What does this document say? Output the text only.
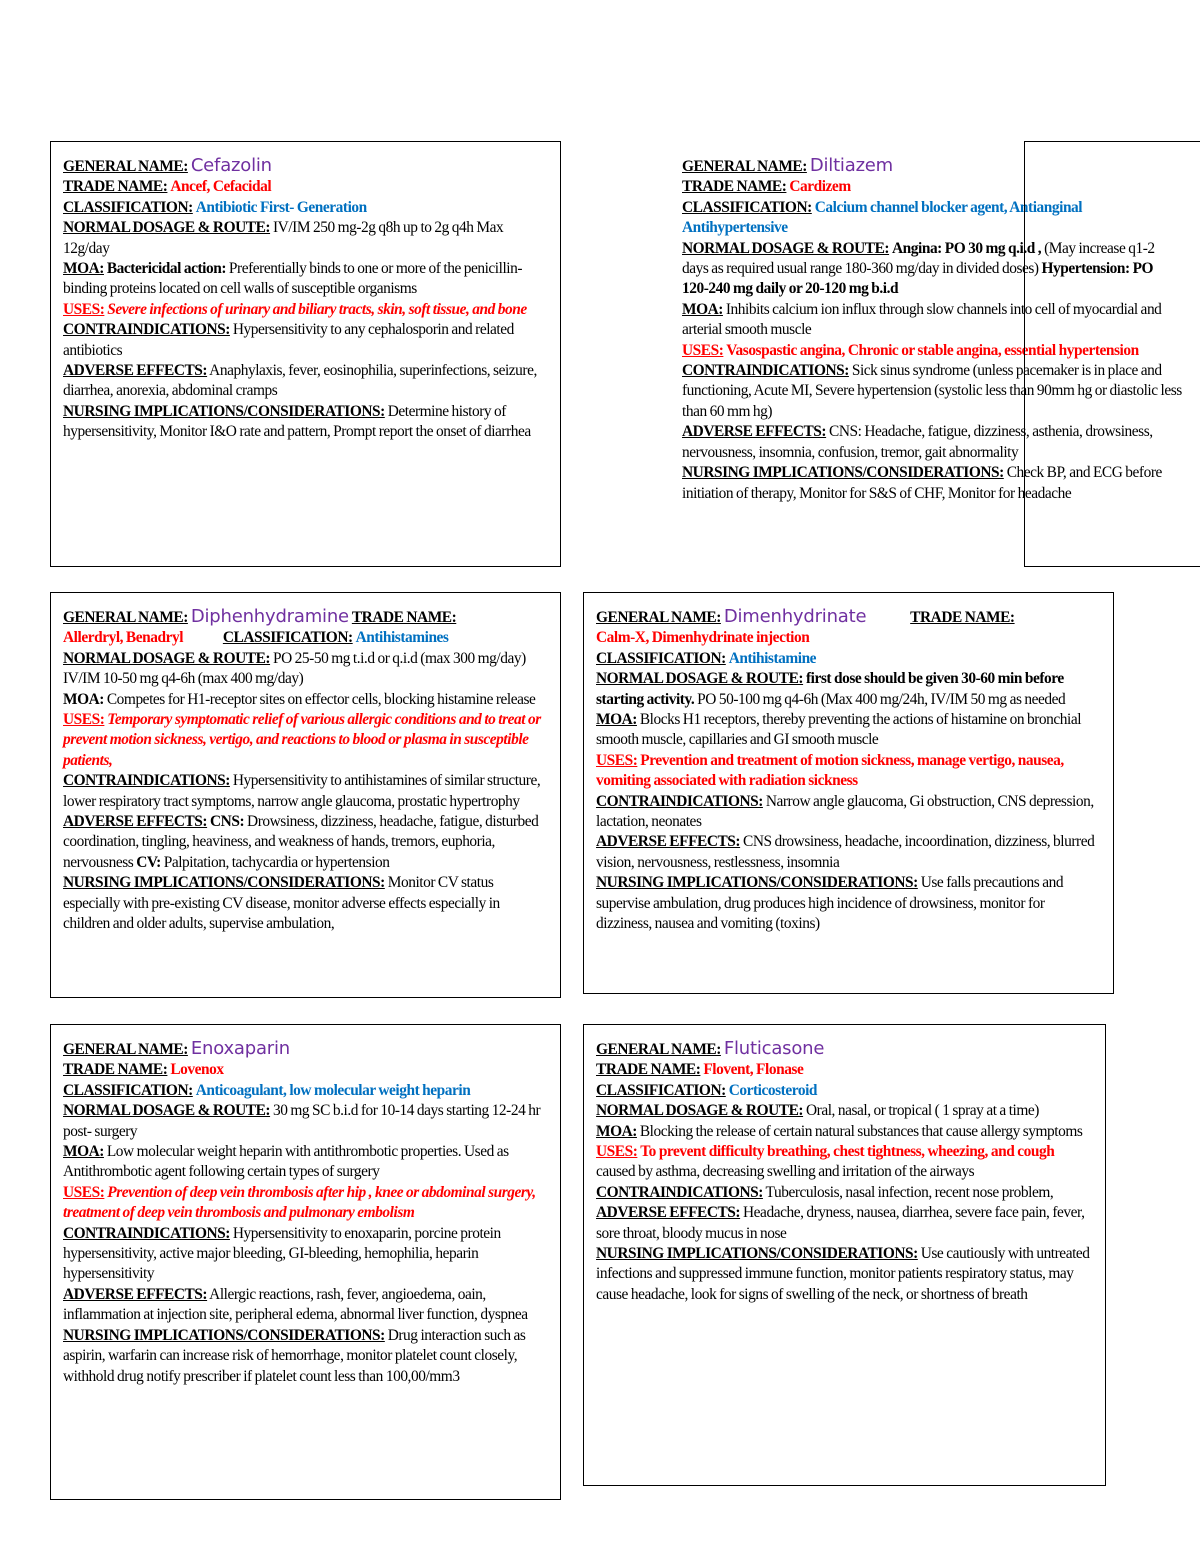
GENERAL NAME: Cefazolin
TRADE NAME: Ancef, Cefacidal
CLASSIFICATION: Antibiotic First- Generation
NORMAL DOSAGE & ROUTE: IV/IM 250 mg-2g q8h up to 2g q4h Max 12g/day
MOA: Bactericidal action: Preferentially binds to one or more of the penicillin-binding proteins located on cell walls of susceptible organisms
USES: Severe infections of urinary and biliary tracts, skin, soft tissue, and bone
CONTRAINDICATIONS: Hypersensitivity to any cephalosporin and related antibiotics
ADVERSE EFFECTS: Anaphylaxis, fever, eosinophilia, superinfections, seizure, diarrhea, anorexia, abdominal cramps
NURSING IMPLICATIONS/CONSIDERATIONS: Determine history of hypersensitivity, Monitor I&O rate and pattern, Prompt report the onset of diarrhea

GENERAL NAME: Diltiazem
TRADE NAME: Cardizem
CLASSIFICATION: Calcium channel blocker agent, Antianginal Antihypertensive
NORMAL DOSAGE & ROUTE: Angina: PO 30 mg q.i.d , (May increase q1-2 days as required usual range 180-360 mg/day in divided doses) Hypertension: PO 120-240 mg daily or 20-120 mg b.i.d
MOA: Inhibits calcium ion influx through slow channels into cell of myocardial and arterial smooth muscle
USES: Vasospastic angina, Chronic or stable angina, essential hypertension
CONTRAINDICATIONS: Sick sinus syndrome (unless pacemaker is in place and functioning, Acute MI, Severe hypertension (systolic less than 90mm hg or diastolic less than 60 mm hg)
ADVERSE EFFECTS: CNS: Headache, fatigue, dizziness, asthenia, drowsiness, nervousness, insomnia, confusion, tremor, gait abnormality
NURSING IMPLICATIONS/CONSIDERATIONS: Check BP, and ECG before initiation of therapy, Monitor for S&S of CHF, Monitor for headache

GENERAL NAME: Diphenhydramine TRADE NAME:
Allerdryl, Benadryl	CLASSIFICATION: Antihistamines
NORMAL DOSAGE & ROUTE: PO 25-50 mg t.i.d or q.i.d (max 300 mg/day) IV/IM 10-50 mg q4-6h (max 400 mg/day)
MOA: Competes for H1-receptor sites on effector cells, blocking histamine release
USES: Temporary symptomatic relief of various allergic conditions and to treat or prevent motion sickness, vertigo, and reactions to blood or plasma in susceptible patients,
CONTRAINDICATIONS: Hypersensitivity to antihistamines of similar structure, lower respiratory tract symptoms, narrow angle glaucoma, prostatic hypertrophy
ADVERSE EFFECTS: CNS: Drowsiness, dizziness, headache, fatigue, disturbed coordination, tingling, heaviness, and weakness of hands, tremors, euphoria, nervousness CV: Palpitation, tachycardia or hypertension
NURSING IMPLICATIONS/CONSIDERATIONS: Monitor CV status especially with pre-existing CV disease, monitor adverse effects especially in children and older adults, supervise ambulation,

GENERAL NAME: Dimenhydrinate	TRADE NAME:
Calm-X, Dimenhydrinate injection
CLASSIFICATION: Antihistamine
NORMAL DOSAGE & ROUTE: first dose should be given 30-60 min before starting activity. PO 50-100 mg q4-6h (Max 400 mg/24h, IV/IM 50 mg as needed
MOA: Blocks H1 receptors, thereby preventing the actions of histamine on bronchial smooth muscle, capillaries and GI smooth muscle
USES: Prevention and treatment of motion sickness, manage vertigo, nausea, vomiting associated with radiation sickness
CONTRAINDICATIONS: Narrow angle glaucoma, Gi obstruction, CNS depression, lactation, neonates
ADVERSE EFFECTS: CNS drowsiness, headache, incoordination, dizziness, blurred vision, nervousness, restlessness, insomnia
NURSING IMPLICATIONS/CONSIDERATIONS: Use falls precautions and supervise ambulation, drug produces high incidence of drowsiness, monitor for dizziness, nausea and vomiting (toxins)

GENERAL NAME: Enoxaparin
TRADE NAME: Lovenox
CLASSIFICATION: Anticoagulant, low molecular weight heparin
NORMAL DOSAGE & ROUTE: 30 mg SC b.i.d for 10-14 days starting 12-24 hr post- surgery
MOA: Low molecular weight heparin with antithrombotic properties. Used as Antithrombotic agent following certain types of surgery
USES: Prevention of deep vein thrombosis after hip , knee or abdominal surgery, treatment of deep vein thrombosis and pulmonary embolism
CONTRAINDICATIONS: Hypersensitivity to enoxaparin, porcine protein hypersensitivity, active major bleeding, GI-bleeding, hemophilia, heparin hypersensitivity
ADVERSE EFFECTS: Allergic reactions, rash, fever, angioedema, oain, inflammation at injection site, peripheral edema, abnormal liver function, dyspnea
NURSING IMPLICATIONS/CONSIDERATIONS: Drug interaction such as aspirin, warfarin can increase risk of hemorrhage, monitor platelet count closely, withhold drug notify prescriber if platelet count less than 100,00/mm3

GENERAL NAME: Fluticasone
TRADE NAME: Flovent, Flonase
CLASSIFICATION: Corticosteroid
NORMAL DOSAGE & ROUTE: Oral, nasal, or tropical ( 1 spray at a time)
MOA: Blocking the release of certain natural substances that cause allergy symptoms
USES: To prevent difficulty breathing, chest tightness, wheezing, and cough caused by asthma, decreasing swelling and irritation of the airways
CONTRAINDICATIONS: Tuberculosis, nasal infection, recent nose problem,
ADVERSE EFFECTS: Headache, dryness, nausea, diarrhea, severe face pain, fever, sore throat, bloody mucus in nose
NURSING IMPLICATIONS/CONSIDERATIONS: Use cautiously with untreated infections and suppressed immune function, monitor patients respiratory status, may cause headache, look for signs of swelling of the neck, or shortness of breath
